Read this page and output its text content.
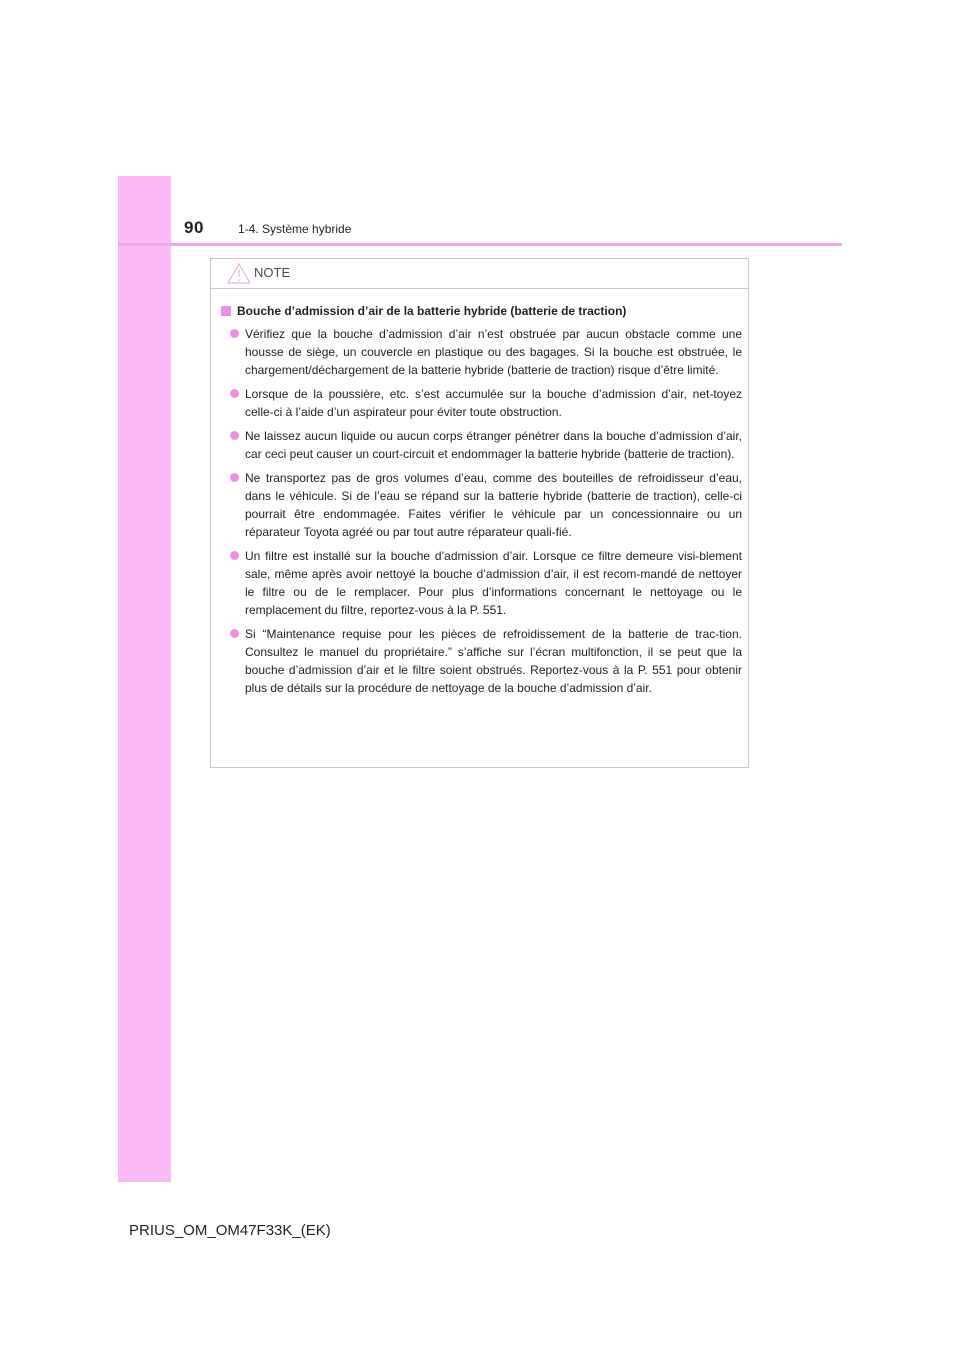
90	1-4. Système hybride
NOTE
Bouche d’admission d’air de la batterie hybride (batterie de traction)
Vérifiez que la bouche d’admission d’air n’est obstruée par aucun obstacle comme une housse de siège, un couvercle en plastique ou des bagages. Si la bouche est obstruée, le chargement/déchargement de la batterie hybride (batterie de traction) risque d’être limité.
Lorsque de la poussière, etc. s’est accumulée sur la bouche d’admission d’air, net-toyez celle-ci à l’aide d’un aspirateur pour éviter toute obstruction.
Ne laissez aucun liquide ou aucun corps étranger pénétrer dans la bouche d’admission d’air, car ceci peut causer un court-circuit et endommager la batterie hybride (batterie de traction).
Ne transportez pas de gros volumes d’eau, comme des bouteilles de refroidisseur d’eau, dans le véhicule. Si de l’eau se répand sur la batterie hybride (batterie de traction), celle-ci pourrait être endommagée. Faites vérifier le véhicule par un concessionnaire ou un réparateur Toyota agréé ou par tout autre réparateur quali-fié.
Un filtre est installé sur la bouche d’admission d’air. Lorsque ce filtre demeure visi-blement sale, même après avoir nettoyé la bouche d’admission d’air, il est recom-mandé de nettoyer le filtre ou de le remplacer. Pour plus d’informations concernant le nettoyage ou le remplacement du filtre, reportez-vous à la P. 551.
Si “Maintenance requise pour les pièces de refroidissement de la batterie de trac-tion. Consultez le manuel du propriétaire.” s’affiche sur l’écran multifonction, il se peut que la bouche d’admission d’air et le filtre soient obstrués. Reportez-vous à la P. 551 pour obtenir plus de détails sur la procédure de nettoyage de la bouche d’admission d’air.
PRIUS_OM_OM47F33K_(EK)
